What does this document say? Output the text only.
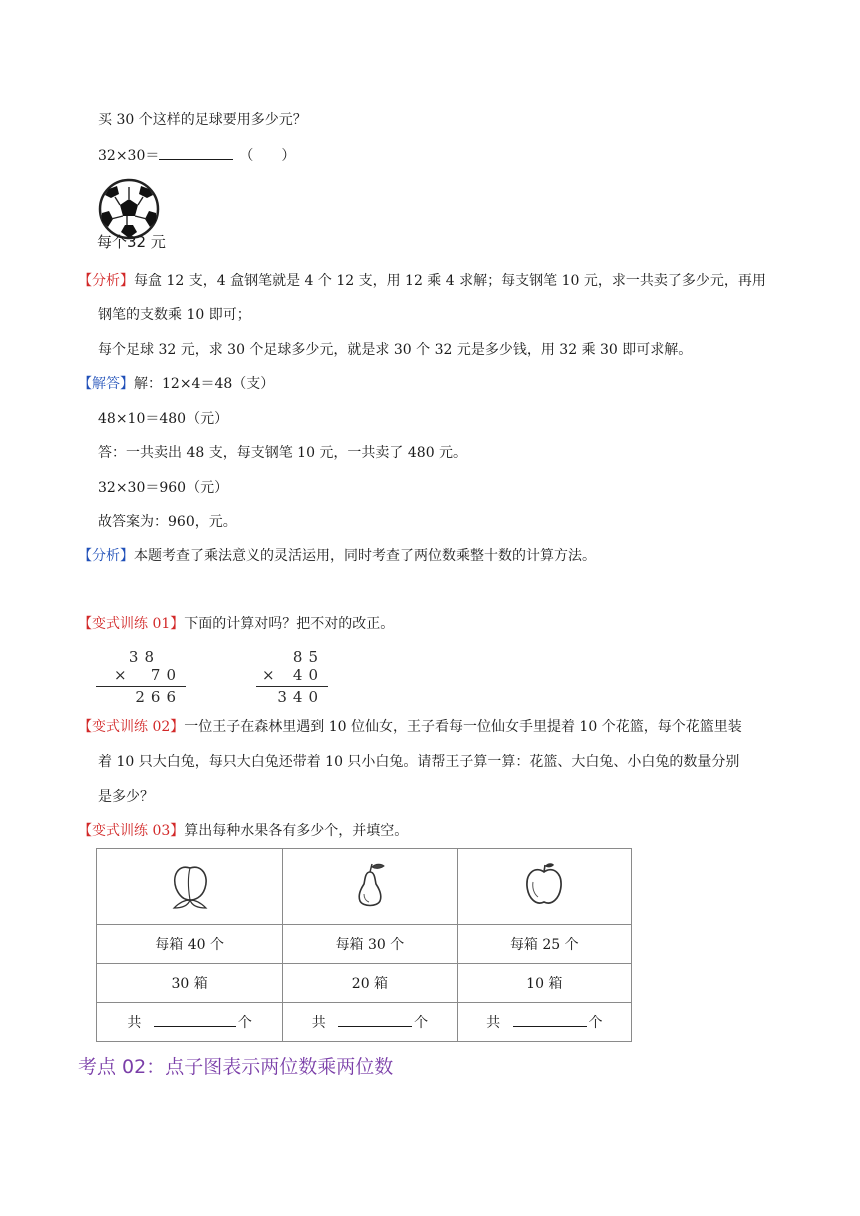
买 30 个这样的足球要用多少元？
32×30＝	（　　）
每个32 元
【分析】每盒 12 支，4 盒钢笔就是 4 个 12 支，用 12 乘 4 求解；每支钢笔 10 元，求一共卖了多少元，再用
钢笔的支数乘 10 即可；
每个足球 32 元，求 30 个足球多少元，就是求 30 个 32 元是多少钱，用 32 乘 30 即可求解。
【解答】解：12×4＝48（支）
48×10＝480（元）
答：一共卖出 48 支，每支钢笔 10 元，一共卖了 480 元。
32×30＝960（元）
故答案为：960，元。
【分析】本题考查了乘法意义的灵活运用，同时考查了两位数乘整十数的计算方法。
【变式训练 01】下面的计算对吗？把不对的改正。
38
× 70
266
85
× 40
340
【变式训练 02】一位王子在森林里遇到 10 位仙女，王子看每一位仙女手里提着 10 个花篮，每个花篮里装
着 10 只大白兔，每只大白兔还带着 10 只小白兔。请帮王子算一算：花篮、大白兔、小白兔的数量分别
是多少？
【变式训练 03】算出每种水果各有多少个，并填空。

每箱 40 个	每箱 30 个	每箱 25 个
30 箱	20 箱	10 箱
共 个	共 个	共 个
考点 02：点子图表示两位数乘两位数
